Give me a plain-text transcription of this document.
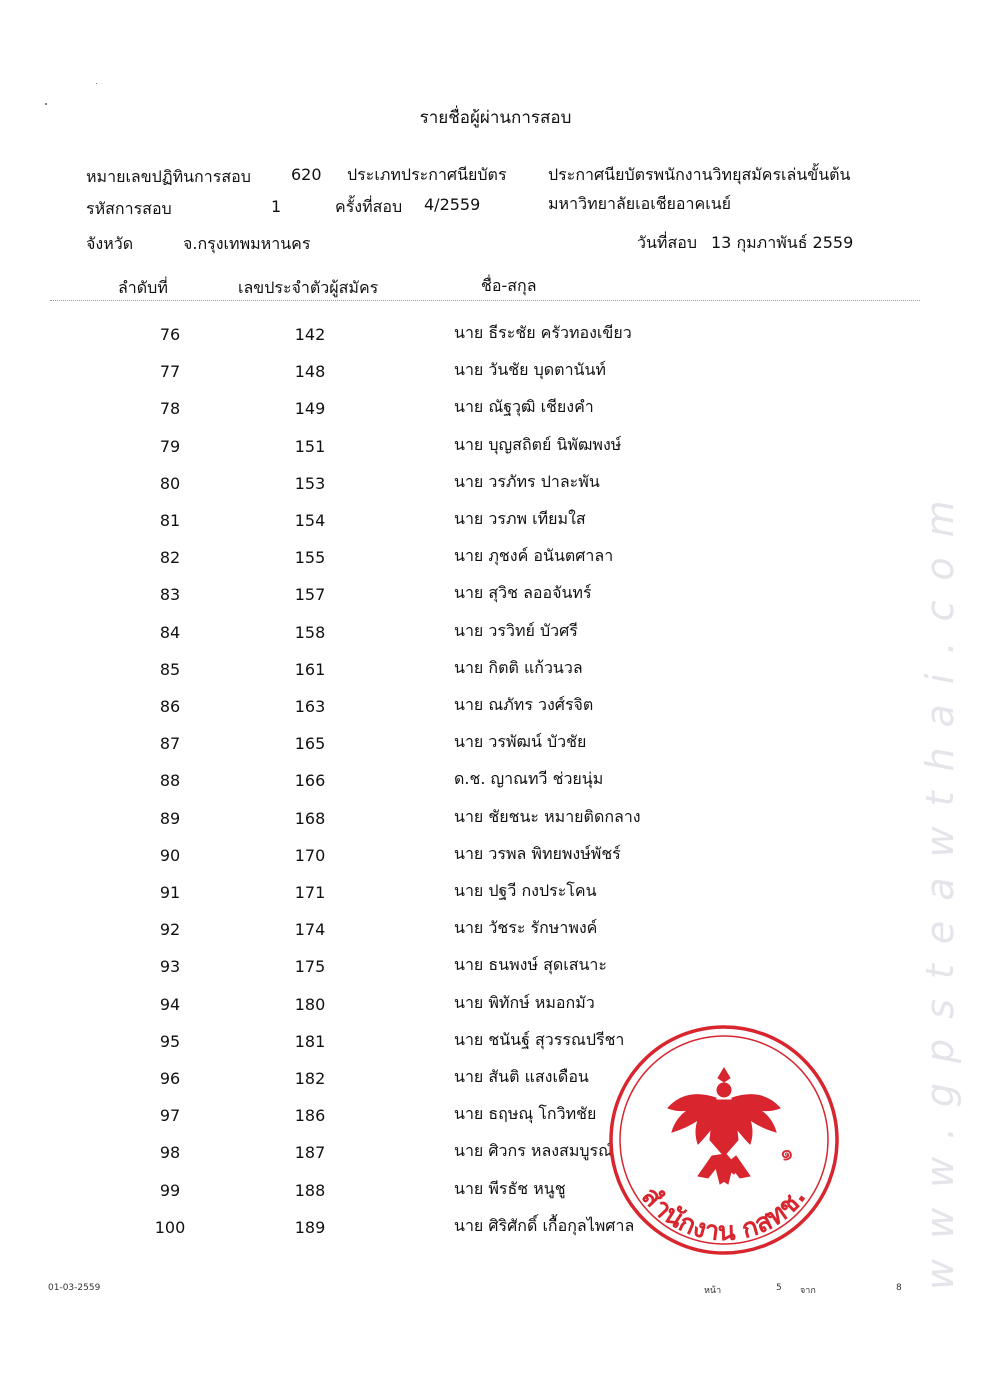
รายชื่อผู้ผ่านการสอบ
หมายเลขปฏิทินการสอบ	620 ประเภทประกาศนียบัตร	ประกาศนียบัตรพนักงานวิทยุสมัครเล่นขั้นต้น
รหัสการสอบ	1	ครั้งที่สอบ 4/2559	มหาวิทยาลัยเอเชียอาคเนย์
จังหวัด	จ.กรุงเทพมหานคร	วันที่สอบ 13 กุมภาพันธ์ 2559
ลำดับที่	เลขประจำตัวผู้สมัคร	ชื่อ-สกุล
76	142	นาย ธีระชัย ครัวทองเขียว
77	148	นาย วันชัย บุดตานันท์
78	149	นาย ณัฐวุฒิ เชียงคำ
79	151	นาย บุญสถิตย์ นิพัฒพงษ์
80	153	นาย วรภัทร ปาละพัน
81	154	นาย วรภพ เทียมใส
82	155	นาย ภุชงค์ อนันตศาลา
83	157	นาย สุวิช ลออจันทร์
84	158	นาย วรวิทย์ บัวศรี
85	161	นาย กิตติ แก้วนวล
86	163	นาย ณภัทร วงศ์รจิต
87	165	นาย วรพัฒน์ บัวชัย
88	166	ด.ช. ญาณทวี ช่วยนุ่ม
89	168	นาย ชัยชนะ หมายติดกลาง
90	170	นาย วรพล พิทยพงษ์พัชร์
91	171	นาย ปฐวี กงประโคน
92	174	นาย วัชระ รักษาพงค์
93	175	นาย ธนพงษ์ สุดเสนาะ
94	180	นาย พิทักษ์ หมอกมัว
95	181	นาย ชนันฐ์ สุวรรณปรีชา
96	182	นาย สันติ แสงเดือน
97	186	นาย ธฤษณุ โกวิทชัย
98	187	นาย ศิวกร หลงสมบูรณ์
99	188	นาย พีรธัช หนูชู
100	189	นาย ศิริศักดิ์ เกื้อกุลไพศาล
01-03-2559	หน้า	5 จาก	8 www.gpsteawthai.com
๑
สำนักงาน กสทช.
